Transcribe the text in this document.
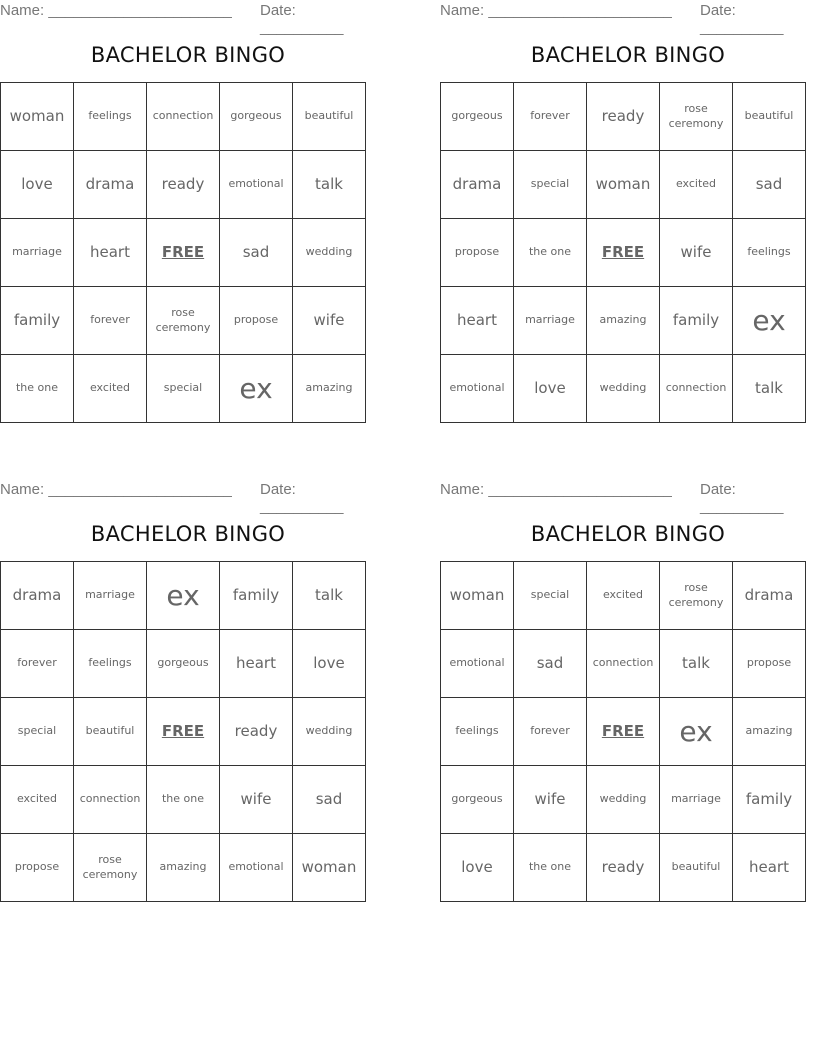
Name: ______________________ Date: __________
BACHELOR BINGO
woman	feelings	connection	gorgeous	beautiful
love	drama	ready	emotional	talk
marriage	heart	FREE	sad	wedding
family	forever	rose ceremony	propose	wife
the one	excited	special	ex	amazing
Name: ______________________ Date: __________
BACHELOR BINGO
gorgeous	forever	ready	rose ceremony	beautiful
drama	special	woman	excited	sad
propose	the one	FREE	wife	feelings
heart	marriage	amazing	family	ex
emotional	love	wedding	connection	talk
Name: ______________________ Date: __________
BACHELOR BINGO
drama	marriage	ex	family	talk
forever	feelings	gorgeous	heart	love
special	beautiful	FREE	ready	wedding
excited	connection	the one	wife	sad
propose	rose ceremony	amazing	emotional	woman
Name: ______________________ Date: __________
BACHELOR BINGO
woman	special	excited	rose ceremony	drama
emotional	sad	connection	talk	propose
feelings	forever	FREE	ex	amazing
gorgeous	wife	wedding	marriage	family
love	the one	ready	beautiful	heart
